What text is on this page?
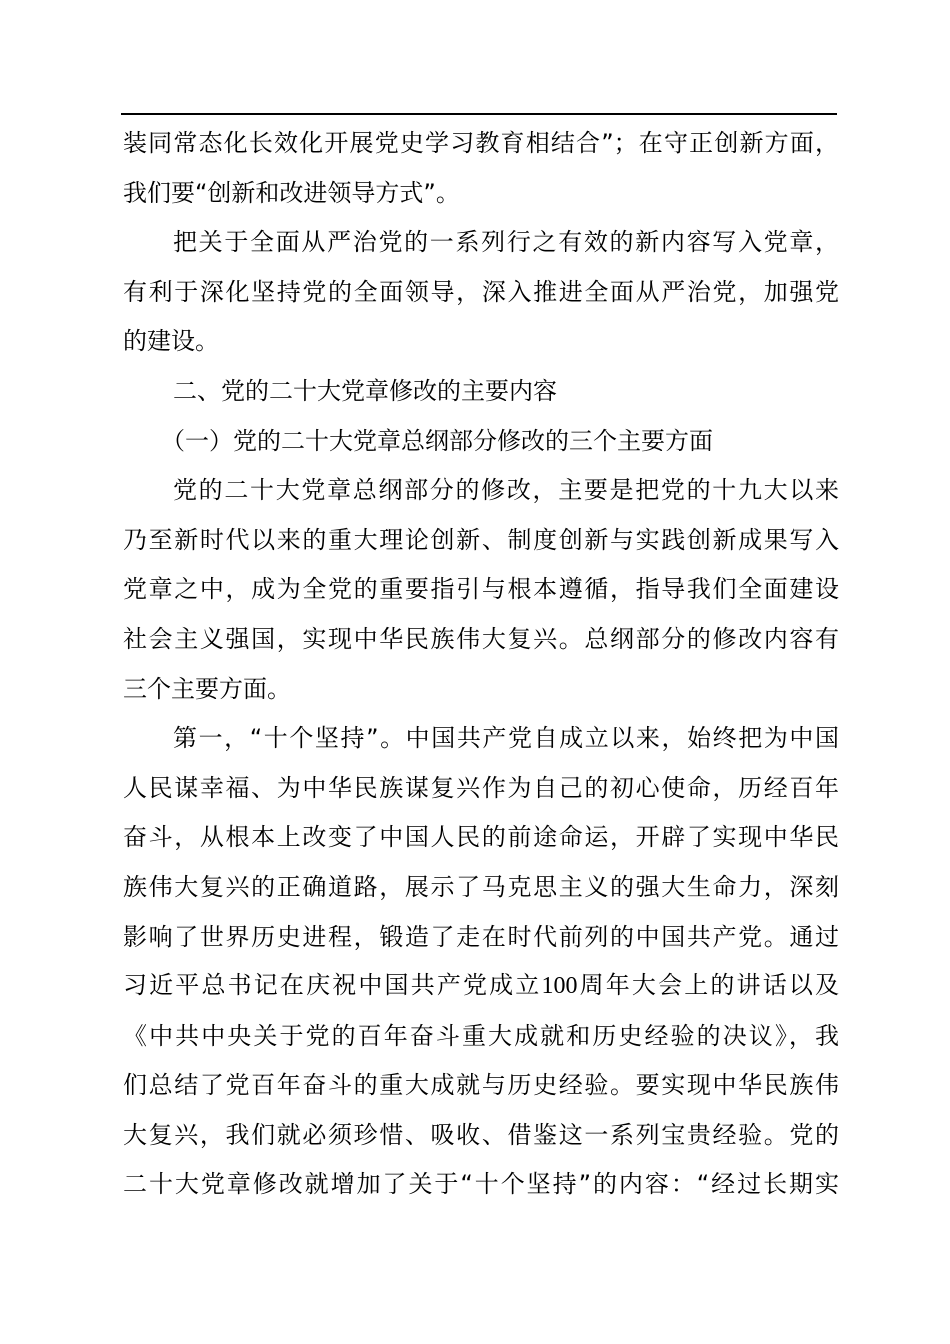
装同常态化长效化开展党史学习教育相结合”；在守正创新方面，
我们要“创新和改进领导方式”。
把关于全面从严治党的一系列行之有效的新内容写入党章，
有利于深化坚持党的全面领导，深入推进全面从严治党，加强党
的建设。
二、党的二十大党章修改的主要内容
（一）党的二十大党章总纲部分修改的三个主要方面
党的二十大党章总纲部分的修改，主要是把党的十九大以来
乃至新时代以来的重大理论创新、制度创新与实践创新成果写入
党章之中，成为全党的重要指引与根本遵循，指导我们全面建设
社会主义强国，实现中华民族伟大复兴。总纲部分的修改内容有
三个主要方面。
第一，“十个坚持”。中国共产党自成立以来，始终把为中国
人民谋幸福、为中华民族谋复兴作为自己的初心使命，历经百年
奋斗，从根本上改变了中国人民的前途命运，开辟了实现中华民
族伟大复兴的正确道路，展示了马克思主义的强大生命力，深刻
影响了世界历史进程，锻造了走在时代前列的中国共产党。通过
习近平总书记在庆祝中国共产党成立100周年大会上的讲话以及
《中共中央关于党的百年奋斗重大成就和历史经验的决议》，我
们总结了党百年奋斗的重大成就与历史经验。要实现中华民族伟
大复兴，我们就必须珍惜、吸收、借鉴这一系列宝贵经验。党的
二十大党章修改就增加了关于“十个坚持”的内容：“经过长期实
